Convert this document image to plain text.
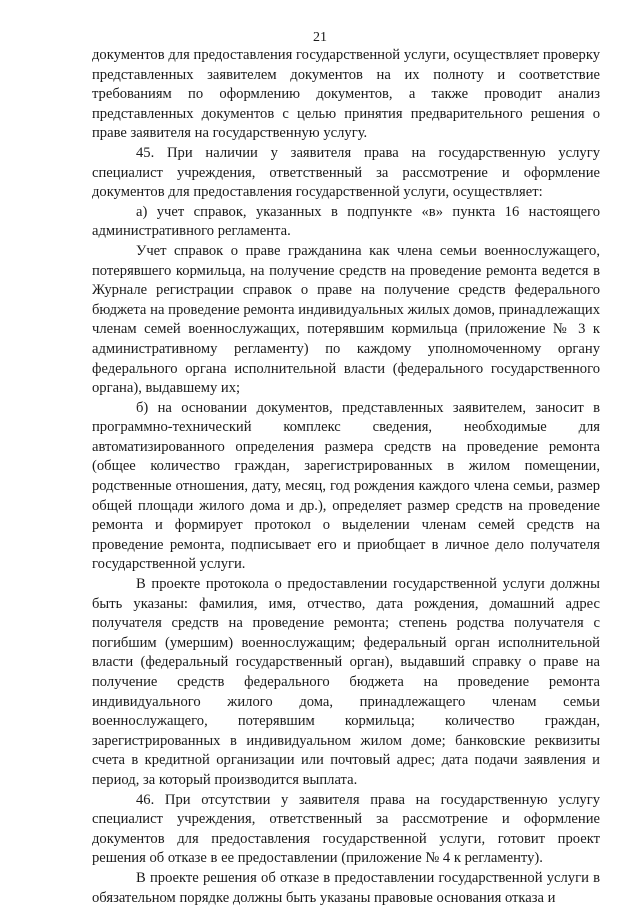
21

документов для предоставления государственной услуги, осуществляет проверку представленных заявителем документов на их полноту и соответствие требованиям по оформлению документов, а также проводит анализ представленных документов с целью принятия предварительного решения о праве заявителя на государственную услугу.

45. При наличии у заявителя права на государственную услугу специалист учреждения, ответственный за рассмотрение и оформление документов для предоставления государственной услуги, осуществляет:

а) учет справок, указанных в подпункте «в» пункта 16 настоящего административного регламента.

Учет справок о праве гражданина как члена семьи военнослужащего, потерявшего кормильца, на получение средств на проведение ремонта ведется в Журнале регистрации справок о праве на получение средств федерального бюджета на проведение ремонта индивидуальных жилых домов, принадлежащих членам семей военнослужащих, потерявшим кормильца (приложение № 3 к административному регламенту) по каждому уполномоченному органу федерального органа исполнительной власти (федерального государственного органа), выдавшему их;

б) на основании документов, представленных заявителем, заносит в программно-технический комплекс сведения, необходимые для автоматизированного определения размера средств на проведение ремонта (общее количество граждан, зарегистрированных в жилом помещении, родственные отношения, дату, месяц, год рождения каждого члена семьи, размер общей площади жилого дома и др.), определяет размер средств на проведение ремонта и формирует протокол о выделении членам семей средств на проведение ремонта, подписывает его и приобщает в личное дело получателя государственной услуги.

В проекте протокола о предоставлении государственной услуги должны быть указаны: фамилия, имя, отчество, дата рождения, домашний адрес получателя средств на проведение ремонта; степень родства получателя с погибшим (умершим) военнослужащим; федеральный орган исполнительной власти (федеральный государственный орган), выдавший справку о праве на получение средств федерального бюджета на проведение ремонта индивидуального жилого дома, принадлежащего членам семьи военнослужащего, потерявшим кормильца; количество граждан, зарегистрированных в индивидуальном жилом доме; банковские реквизиты счета в кредитной организации или почтовый адрес; дата подачи заявления и период, за который производится выплата.

46. При отсутствии у заявителя права на государственную услугу специалист учреждения, ответственный за рассмотрение и оформление документов для предоставления государственной услуги, готовит проект решения об отказе в ее предоставлении (приложение № 4 к регламенту).

В проекте решения об отказе в предоставлении государственной услуги в обязательном порядке должны быть указаны правовые основания отказа и
